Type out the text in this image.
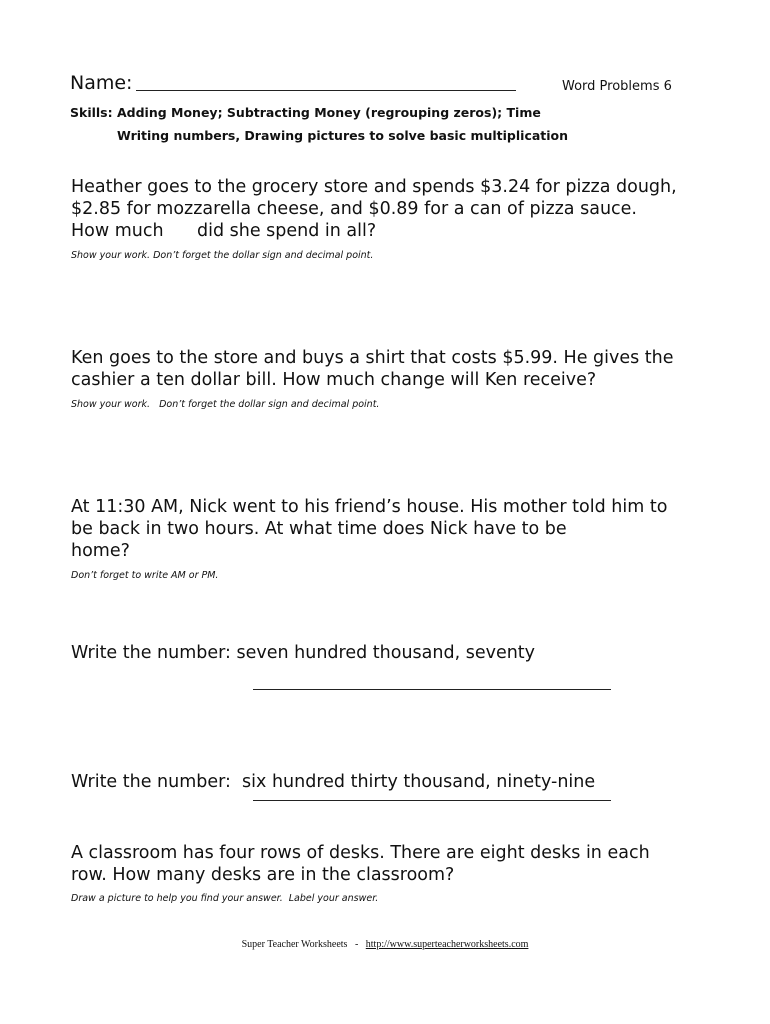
Name:	Word Problems 6
Skills: Adding Money; Subtracting Money (regrouping zeros); Time
Writing numbers, Drawing pictures to solve basic multiplication
Heather goes to the grocery store and spends $3.24 for pizza dough,
$2.85 for mozzarella cheese, and $0.89 for a can of pizza sauce.
How much      did she spend in all?
Show your work. Don’t forget the dollar sign and decimal point.
Ken goes to the store and buys a shirt that costs $5.99. He gives the
cashier a ten dollar bill. How much change will Ken receive?
Show your work.   Don’t forget the dollar sign and decimal point.
At 11:30 AM, Nick went to his friend’s house. His mother told him to
be back in two hours. At what time does Nick have to be
home?
Don’t forget to write AM or PM.
Write the number: seven hundred thousand, seventy

Write the number:  six hundred thirty thousand, ninety-nine

A classroom has four rows of desks. There are eight desks in each
row. How many desks are in the classroom?
Draw a picture to help you find your answer.  Label your answer.
Super Teacher Worksheets   -   http://www.superteacherworksheets.com
